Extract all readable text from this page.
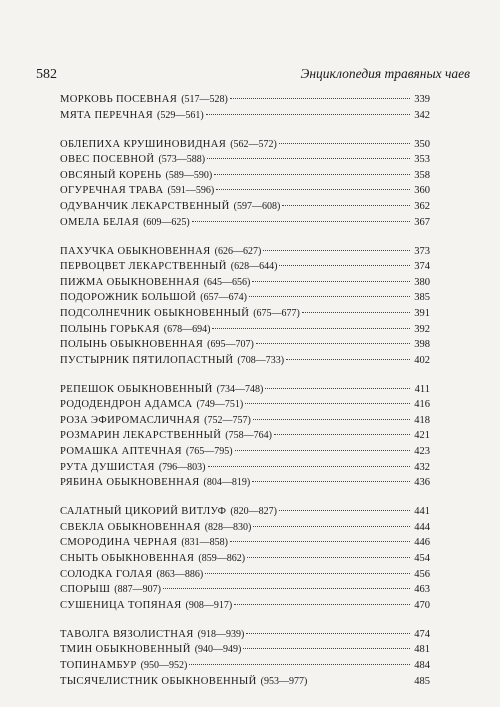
582	Энциклопедия травяных чаев
МОРКОВЬ ПОСЕВНАЯ (517—528)	339
МЯТА ПЕРЕЧНАЯ (529—561)	342
ОБЛЕПИХА КРУШИНОВИДНАЯ (562—572)	350
ОВЕС ПОСЕВНОЙ (573—588)	353
ОВСЯНЫЙ КОРЕНЬ (589—590)	358
ОГУРЕЧНАЯ ТРАВА (591—596)	360
ОДУВАНЧИК ЛЕКАРСТВЕННЫЙ (597—608)	362
ОМЕЛА БЕЛАЯ (609—625)	367
ПАХУЧКА ОБЫКНОВЕННАЯ (626—627)	373
ПЕРВОЦВЕТ ЛЕКАРСТВЕННЫЙ (628—644)	374
ПИЖМА ОБЫКНОВЕННАЯ (645—656)	380
ПОДОРОЖНИК БОЛЬШОЙ (657—674)	385
ПОДСОЛНЕЧНИК ОБЫКНОВЕННЫЙ (675—677)	391
ПОЛЫНЬ ГОРЬКАЯ (678—694)	392
ПОЛЫНЬ ОБЫКНОВЕННАЯ (695—707)	398
ПУСТЫРНИК ПЯТИЛОПАСТНЫЙ (708—733)	402
РЕПЕШОК ОБЫКНОВЕННЫЙ (734—748)	411
РОДОДЕНДРОН АДАМСА (749—751)	416
РОЗА ЭФИРОМАСЛИЧНАЯ (752—757)	418
РОЗМАРИН ЛЕКАРСТВЕННЫЙ (758—764)	421
РОМАШКА АПТЕЧНАЯ (765—795)	423
РУТА ДУШИСТАЯ (796—803)	432
РЯБИНА ОБЫКНОВЕННАЯ (804—819)	436
САЛАТНЫЙ ЦИКОРИЙ ВИТЛУФ (820—827)	441
СВЕКЛА ОБЫКНОВЕННАЯ (828—830)	444
СМОРОДИНА ЧЕРНАЯ (831—858)	446
СНЫТЬ ОБЫКНОВЕННАЯ (859—862)	454
СОЛОДКА ГОЛАЯ (863—886)	456
СПОРЫШ (887—907)	463
СУШЕНИЦА ТОПЯНАЯ (908—917)	470
ТАВОЛГА ВЯЗОЛИСТНАЯ (918—939)	474
ТМИН ОБЫКНОВЕННЫЙ (940—949)	481
ТОПИНАМБУР (950—952)	484
ТЫСЯЧЕЛИСТНИК ОБЫКНОВЕННЫЙ (953—977)	485
